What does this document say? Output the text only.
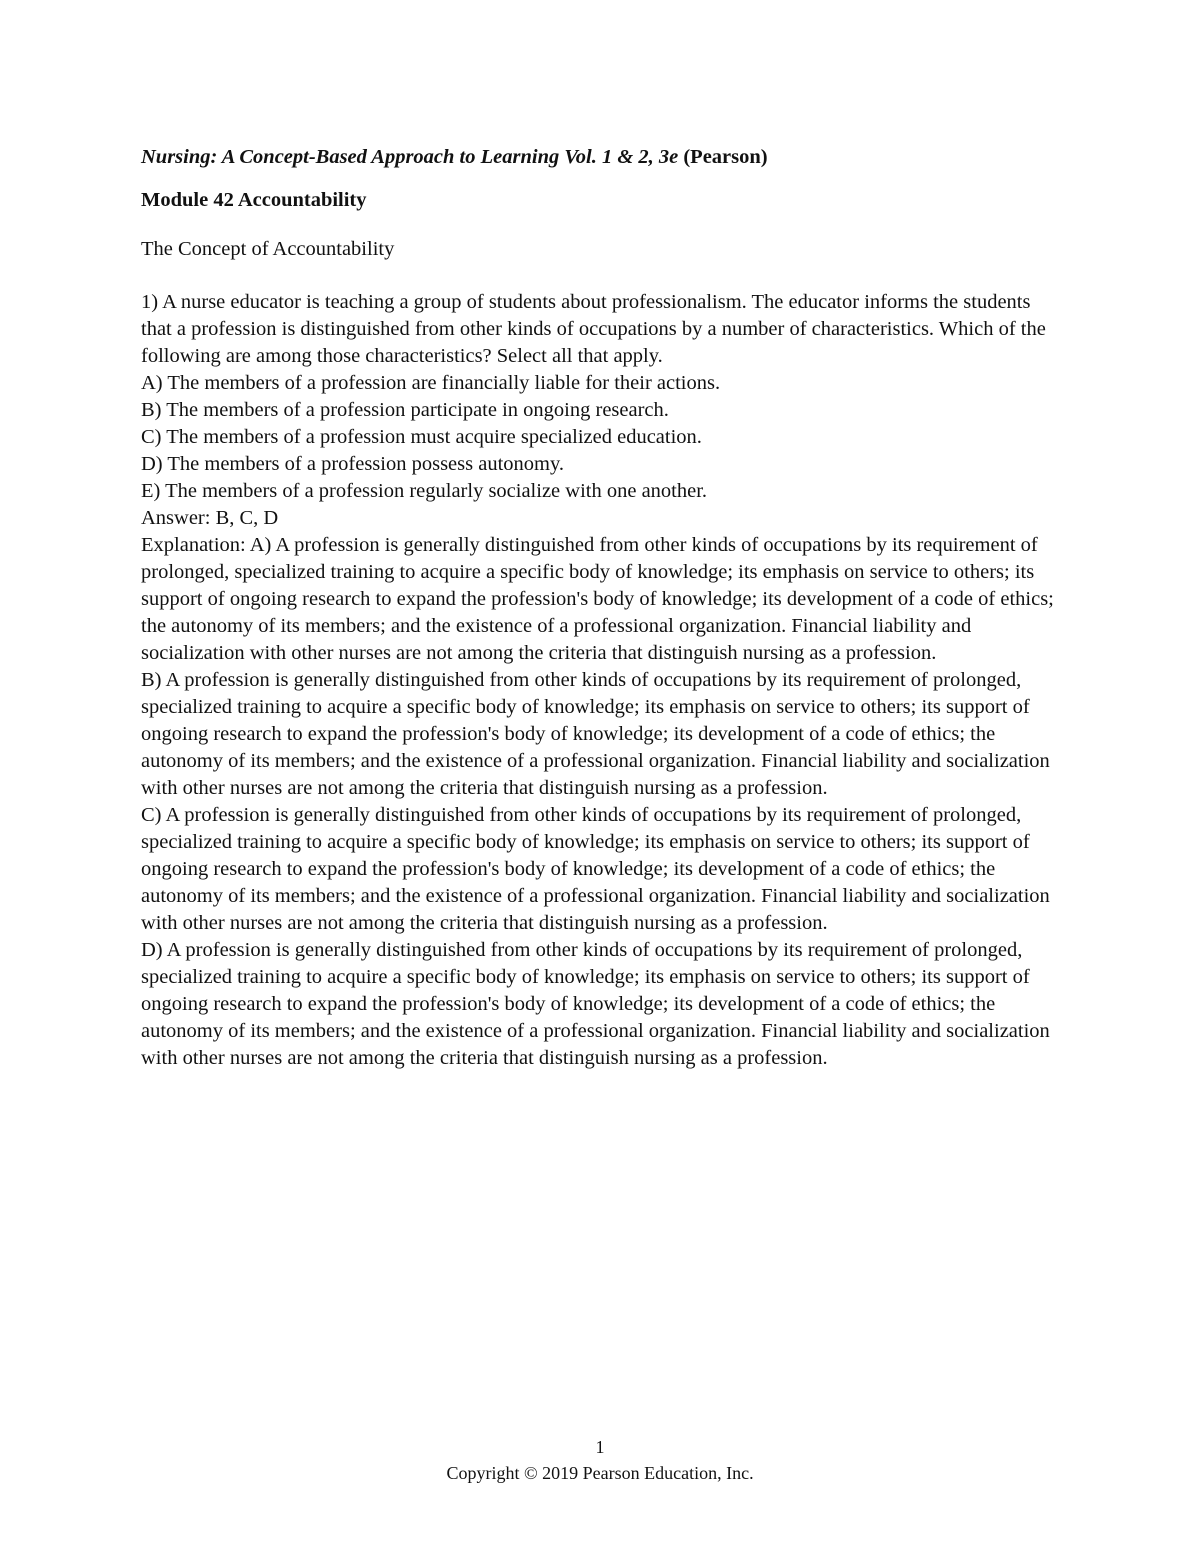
Nursing: A Concept-Based Approach to Learning Vol. 1 & 2, 3e (Pearson)

Module 42 Accountability

The Concept of Accountability

1) A nurse educator is teaching a group of students about professionalism. The educator informs the students that a profession is distinguished from other kinds of occupations by a number of characteristics. Which of the following are among those characteristics? Select all that apply.
A) The members of a profession are financially liable for their actions.
B) The members of a profession participate in ongoing research.
C) The members of a profession must acquire specialized education.
D) The members of a profession possess autonomy.
E) The members of a profession regularly socialize with one another.
Answer: B, C, D
Explanation: A) A profession is generally distinguished from other kinds of occupations by its requirement of prolonged, specialized training to acquire a specific body of knowledge; its emphasis on service to others; its support of ongoing research to expand the profession's body of knowledge; its development of a code of ethics; the autonomy of its members; and the existence of a professional organization. Financial liability and socialization with other nurses are not among the criteria that distinguish nursing as a profession.
B) A profession is generally distinguished from other kinds of occupations by its requirement of prolonged, specialized training to acquire a specific body of knowledge; its emphasis on service to others; its support of ongoing research to expand the profession's body of knowledge; its development of a code of ethics; the autonomy of its members; and the existence of a professional organization. Financial liability and socialization with other nurses are not among the criteria that distinguish nursing as a profession.
C) A profession is generally distinguished from other kinds of occupations by its requirement of prolonged, specialized training to acquire a specific body of knowledge; its emphasis on service to others; its support of ongoing research to expand the profession's body of knowledge; its development of a code of ethics; the autonomy of its members; and the existence of a professional organization. Financial liability and socialization with other nurses are not among the criteria that distinguish nursing as a profession.
D) A profession is generally distinguished from other kinds of occupations by its requirement of prolonged, specialized training to acquire a specific body of knowledge; its emphasis on service to others; its support of ongoing research to expand the profession's body of knowledge; its development of a code of ethics; the autonomy of its members; and the existence of a professional organization. Financial liability and socialization with other nurses are not among the criteria that distinguish nursing as a profession.
1
Copyright © 2019 Pearson Education, Inc.
